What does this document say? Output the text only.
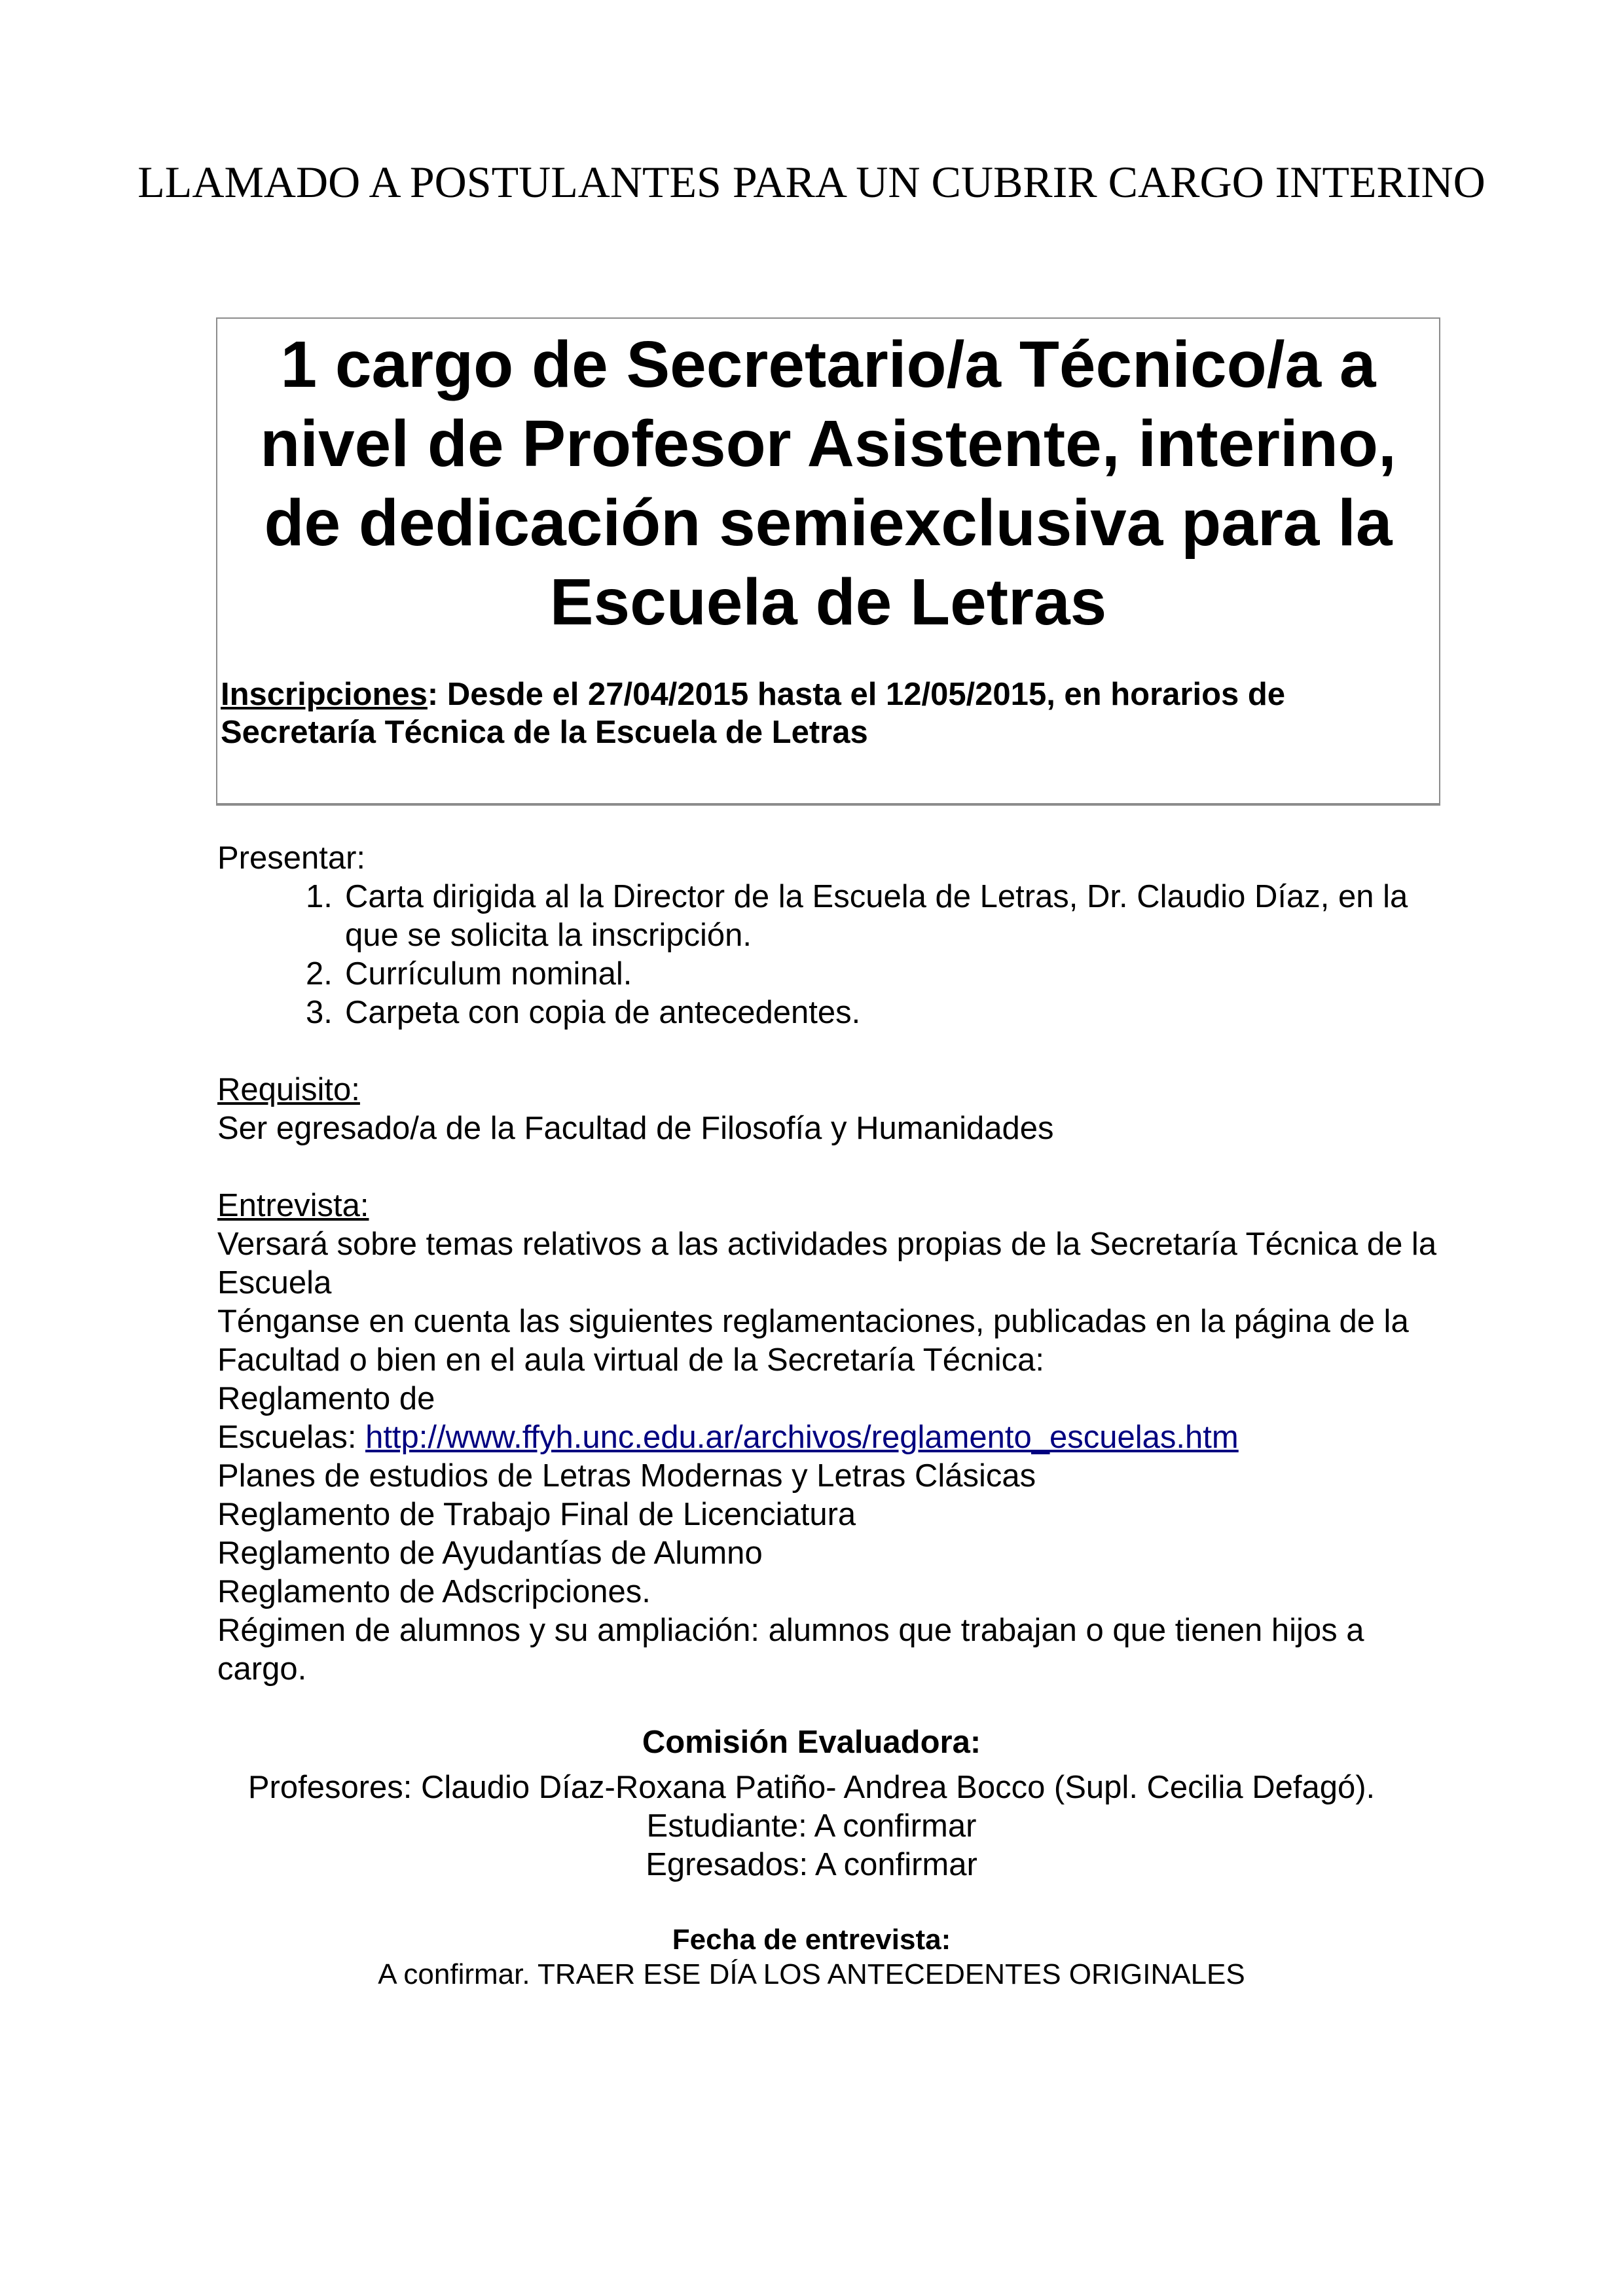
LLAMADO A POSTULANTES PARA UN CUBRIR CARGO INTERINO
1 cargo de Secretario/a Técnico/a a
nivel de Profesor Asistente, interino,
de dedicación semiexclusiva para la
Escuela de Letras
Inscripciones: Desde el 27/04/2015 hasta el 12/05/2015, en horarios de Secretaría Técnica de la Escuela de Letras

Presentar:

1. Carta dirigida al la Director de la Escuela de Letras, Dr. Claudio Díaz, en la que se solicita la inscripción.
2. Currículum nominal.
3. Carpeta con copia de antecedentes.

Requisito:

Ser egresado/a de la Facultad de Filosofía y Humanidades

Entrevista:

Versará sobre temas relativos a las actividades propias de la Secretaría Técnica de la Escuela

Ténganse en cuenta las siguientes reglamentaciones, publicadas en la página de la Facultad o bien en el aula virtual de la Secretaría Técnica:

Reglamento de

Escuelas: http://www.ffyh.unc.edu.ar/archivos/reglamento_escuelas.htm

Planes de estudios de Letras Modernas y Letras Clásicas

Reglamento de Trabajo Final de Licenciatura

Reglamento de Ayudantías de Alumno

Reglamento de Adscripciones.

Régimen de alumnos y su ampliación: alumnos que trabajan o que tienen hijos a cargo.

Comisión Evaluadora:
Profesores: Claudio Díaz-Roxana Patiño- Andrea Bocco (Supl. Cecilia Defagó).
Estudiante: A confirmar
Egresados: A confirmar
Fecha de entrevista:
A confirmar. TRAER ESE DÍA LOS ANTECEDENTES ORIGINALES
